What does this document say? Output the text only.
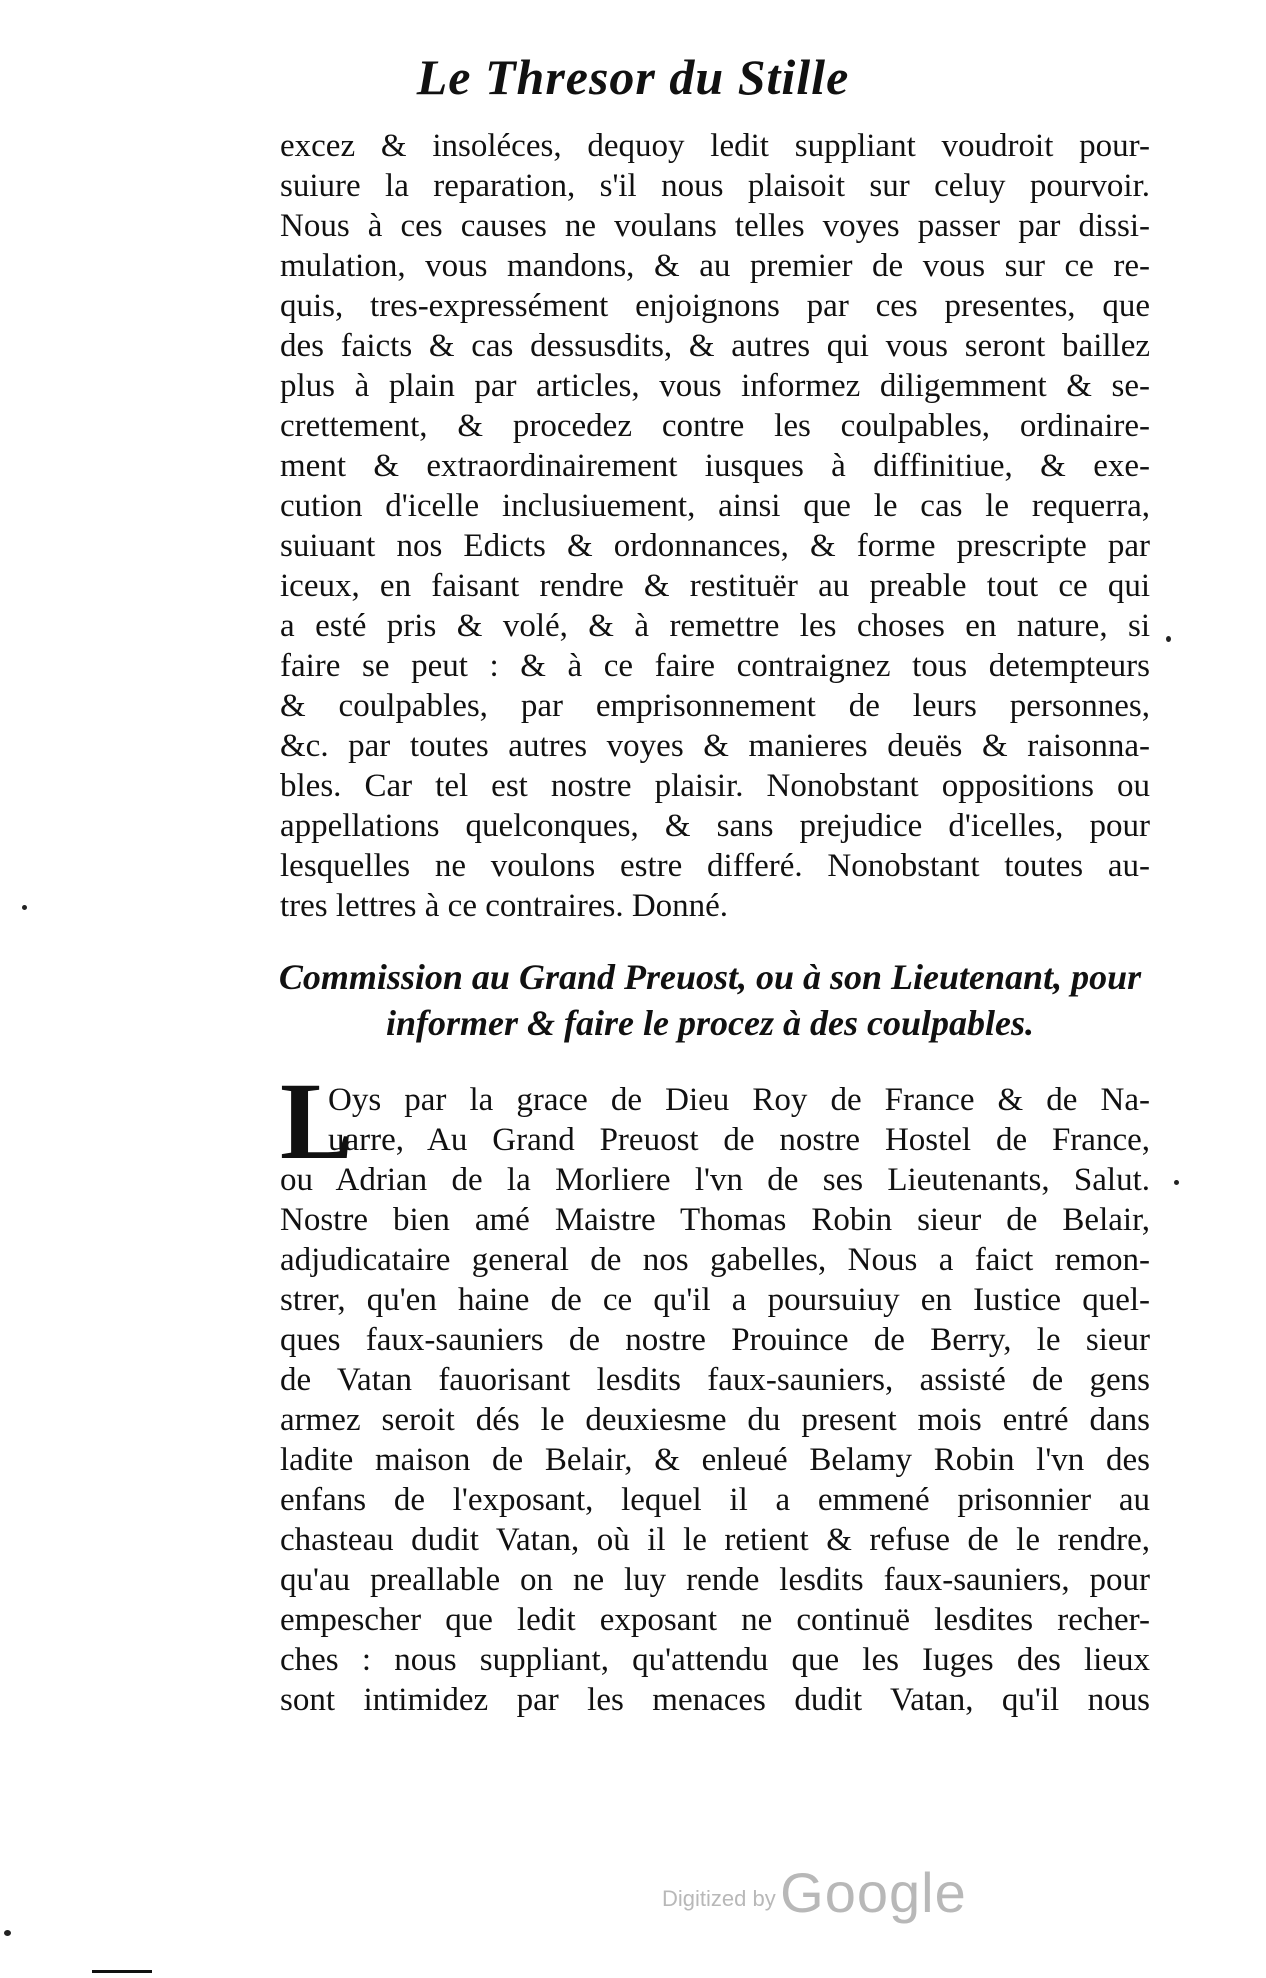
Le Thresor du Stille
excez & insoléces, dequoy ledit suppliant voudroit pour-
suiure la reparation, s'il nous plaisoit sur celuy pourvoir.
Nous à ces causes ne voulans telles voyes passer par dissi-
mulation, vous mandons, & au premier de vous sur ce re-
quis, tres-expressément enjoignons par ces presentes, que
des faicts & cas dessusdits, & autres qui vous seront baillez
plus à plain par articles, vous informez diligemment & se-
crettement, & procedez contre les coulpables, ordinaire-
ment & extraordinairement iusques à diffinitiue, & exe-
cution d'icelle inclusiuement, ainsi que le cas le requerra,
suiuant nos Edicts & ordonnances, & forme prescripte par
iceux, en faisant rendre & restituër au preable tout ce qui
a esté pris & volé, & à remettre les choses en nature, si
faire se peut : & à ce faire contraignez tous detempteurs
& coulpables, par emprisonnement de leurs personnes,
&c. par toutes autres voyes & manieres deuës & raisonna-
bles. Car tel est nostre plaisir. Nonobstant oppositions ou
appellations quelconques, & sans prejudice d'icelles, pour
lesquelles ne voulons estre differé. Nonobstant toutes au-
tres lettres à ce contraires. Donné.
Commission au Grand Preuost, ou à son Lieutenant, pour
informer & faire le procez à des coulpables.
L
Oys par la grace de Dieu Roy de France & de Na-
uarre, Au Grand Preuost de nostre Hostel de France,
ou Adrian de la Morliere l'vn de ses Lieutenants, Salut.
Nostre bien amé Maistre Thomas Robin sieur de Belair,
adjudicataire general de nos gabelles, Nous a faict remon-
strer, qu'en haine de ce qu'il a poursuiuy en Iustice quel-
ques faux-sauniers de nostre Prouince de Berry, le sieur
de Vatan fauorisant lesdits faux-sauniers, assisté de gens
armez seroit dés le deuxiesme du present mois entré dans
ladite maison de Belair, & enleué Belamy Robin l'vn des
enfans de l'exposant, lequel il a emmené prisonnier au
chasteau dudit Vatan, où il le retient & refuse de le rendre,
qu'au preallable on ne luy rende lesdits faux-sauniers, pour
empescher que ledit exposant ne continuë lesdites recher-
ches : nous suppliant, qu'attendu que les Iuges des lieux
sont intimidez par les menaces dudit Vatan, qu'il nous
Digitized by Google
